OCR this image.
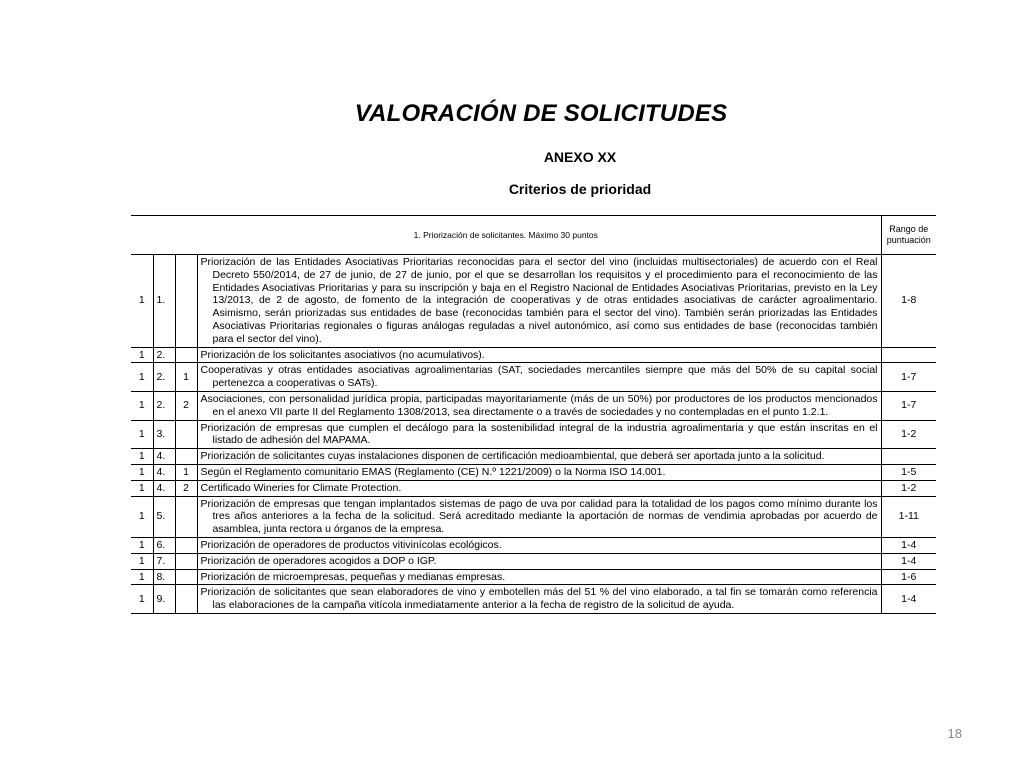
VALORACIÓN DE SOLICITUDES
ANEXO XX
Criterios de prioridad
1. Priorización de solicitantes. Máximo 30 puntos				Rango de puntuación
1	1.		Priorización de las Entidades Asociativas Prioritarias reconocidas para el sector del vino (incluidas multisectoriales) de acuerdo con el Real Decreto 550/2014, de 27 de junio, de 27 de junio, por el que se desarrollan los requisitos y el procedimiento para el reconocimiento de las Entidades Asociativas Prioritarias y para su inscripción y baja en el Registro Nacional de Entidades Asociativas Prioritarias, previsto en la Ley 13/2013, de 2 de agosto, de fomento de la integración de cooperativas y de otras entidades asociativas de carácter agroalimentario. Asimismo, serán priorizadas sus entidades de base (reconocidas también para el sector del vino). También serán priorizadas las Entidades Asociativas Prioritarias regionales o figuras análogas reguladas a nivel autonómico, así como sus entidades de base (reconocidas también para el sector del vino).	1-8
1	2.		Priorización de los solicitantes asociativos (no acumulativos).	

1	2.	1	Cooperativas y otras entidades asociativas agroalimentarias (SAT, sociedades mercantiles siempre que más del 50% de su capital social pertenezca a cooperativas o SATs).	1-7
1	2.	2	Asociaciones, con personalidad jurídica propia, participadas mayoritariamente (más de un 50%) por productores de los productos mencionados en el anexo VII parte II del Reglamento 1308/2013, sea directamente o a través de sociedades y no contempladas en el punto 1.2.1.	1-7
1	3.		Priorización de empresas que cumplen el decálogo para la sostenibilidad integral de la industria agroalimentaria y que están inscritas en el listado de adhesión del MAPAMA.	1-2
1	4.		Priorización de solicitantes cuyas instalaciones disponen de certificación medioambiental, que deberá ser aportada junto a la solicitud.	

1	4.	1	Según el Reglamento comunitario EMAS (Reglamento (CE) N.º 1221/2009) o la Norma ISO 14.001.	1-5
1	4.	2	Certificado Wineries for Climate Protection.	1-2
1	5.		Priorización de empresas que tengan implantados sistemas de pago de uva por calidad para la totalidad de los pagos como mínimo durante los tres años anteriores a la fecha de la solicitud. Será acreditado mediante la aportación de normas de vendimia aprobadas por acuerdo de asamblea, junta rectora u órganos de la empresa.	1-11
1	6.		Priorización de operadores de productos vitivinícolas ecológicos.	1-4
1	7.		Priorización de operadores acogidos a DOP o IGP.	1-4
1	8.		Priorización de microempresas, pequeñas y medianas empresas.	1-6
1	9.		Priorización de solicitantes que sean elaboradores de vino y embotellen más del 51 % del vino elaborado, a tal fin se tomarán como referencia las elaboraciones de la campaña vitícola inmediatamente anterior a la fecha de registro de la solicitud de ayuda.	1-4
18
